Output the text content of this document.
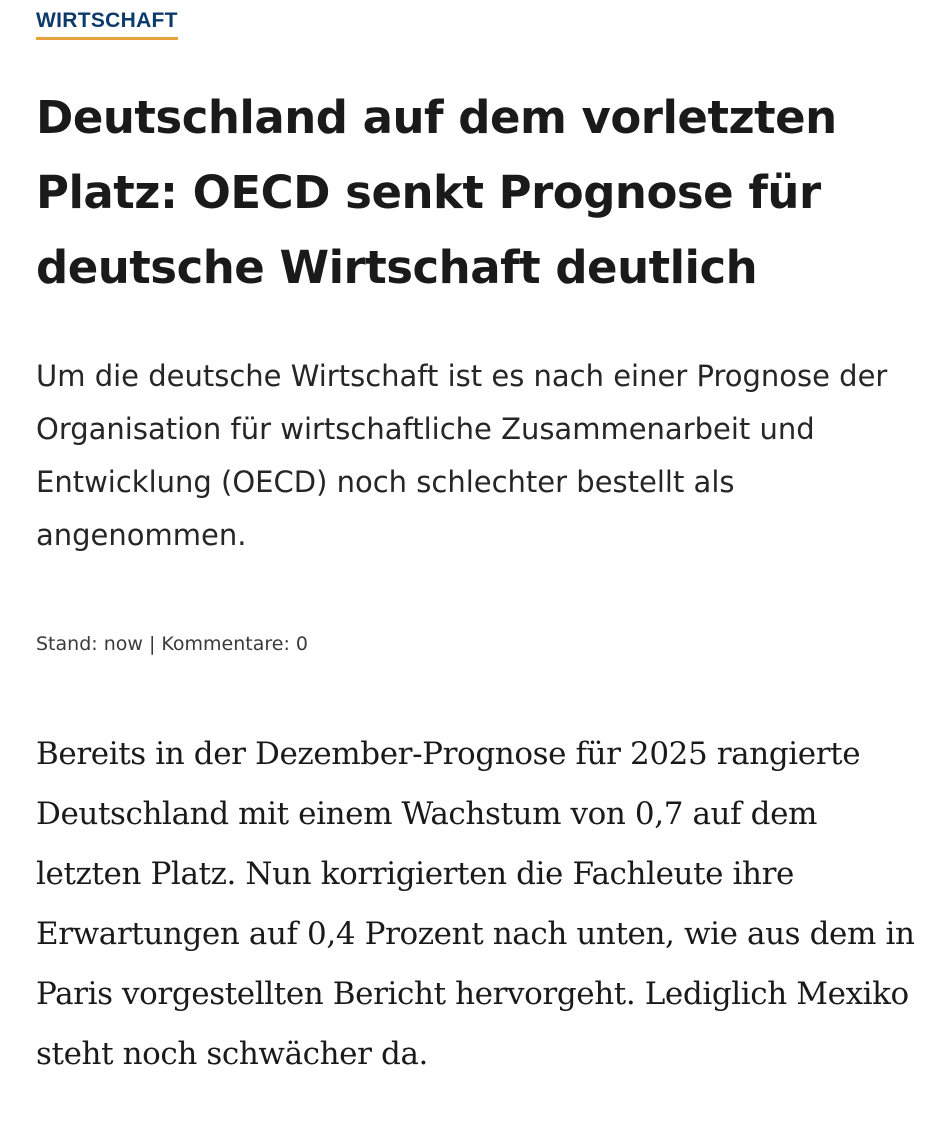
WIRTSCHAFT
Deutschland auf dem vorletzten Platz: OECD senkt Prognose für deutsche Wirtschaft deutlich

Um die deutsche Wirtschaft ist es nach einer Prognose der Organisation für wirtschaftliche Zusammenarbeit und Entwicklung (OECD) noch schlechter bestellt als angenommen.

Stand: now | Kommentare: 0

Bereits in der Dezember-Prognose für 2025 rangierte Deutschland mit einem Wachstum von 0,7 auf dem letzten Platz. Nun korrigierten die Fachleute ihre Erwartungen auf 0,4 Prozent nach unten, wie aus dem in Paris vorgestellten Bericht hervorgeht. Lediglich Mexiko steht noch schwächer da.
